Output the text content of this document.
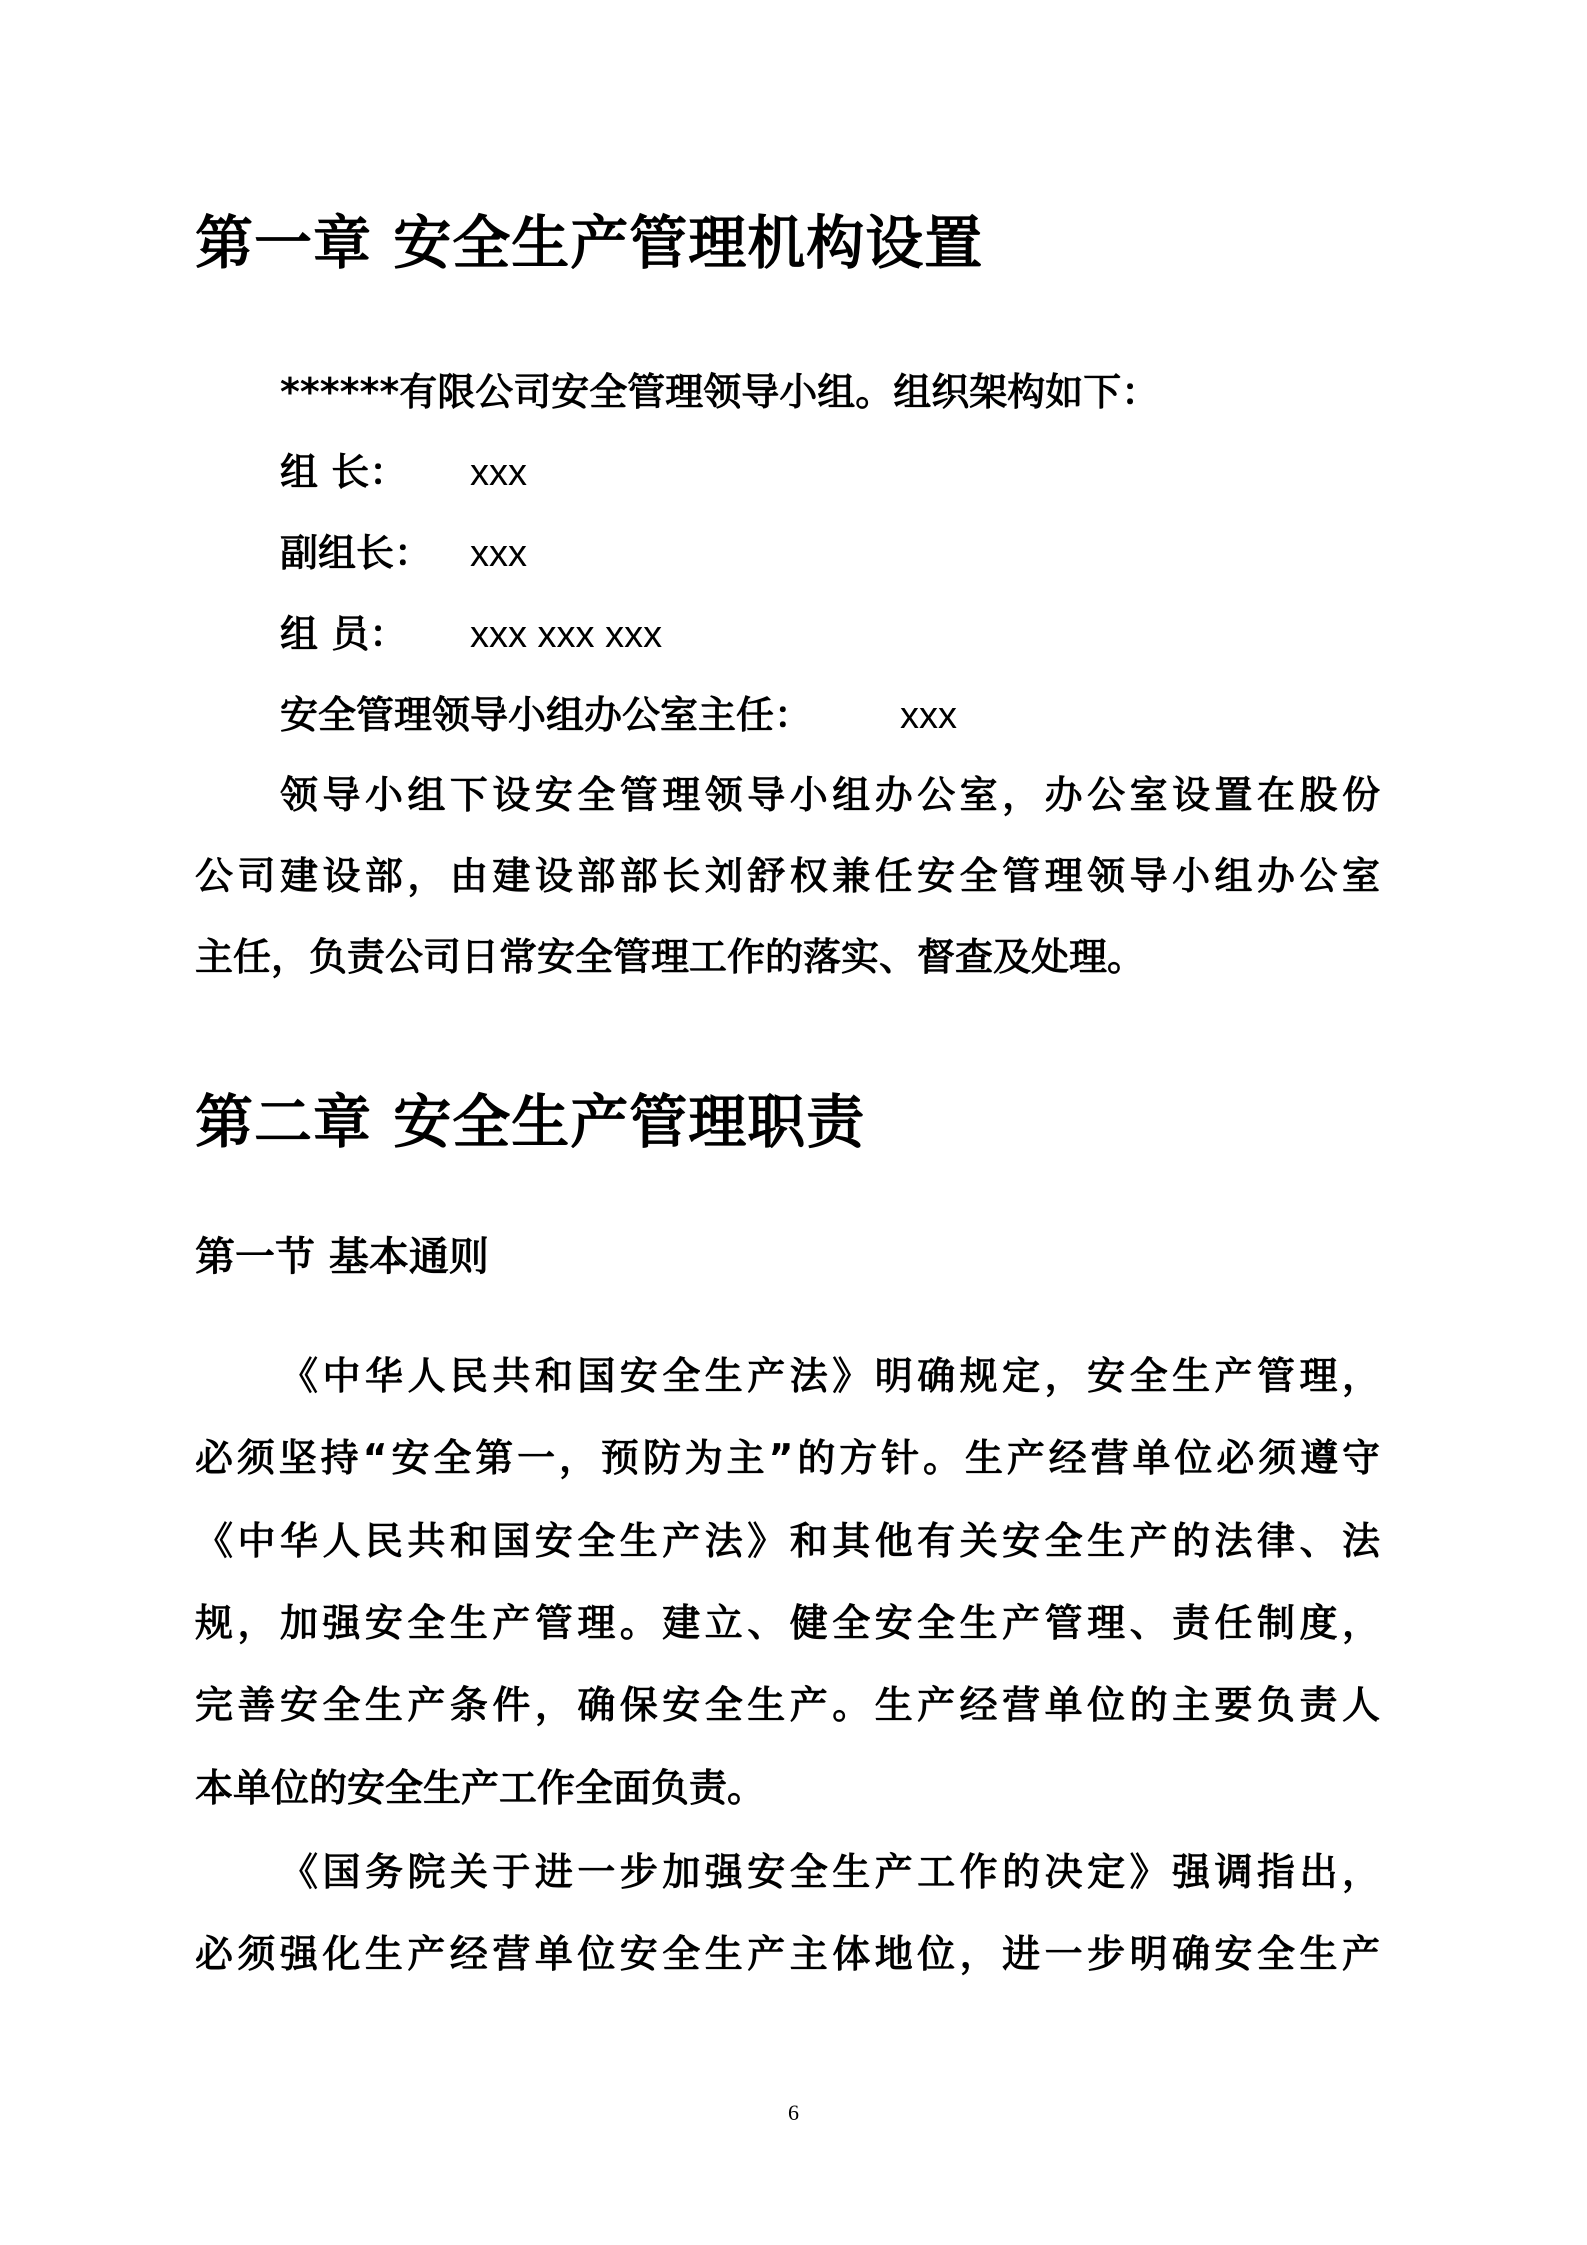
第一章 安全生产管理机构设置

******有限公司安全管理领导小组。组织架构如下：

组 长： xxx

副组长： xxx

组 员： xxx xxx xxx

安全管理领导小组办公室主任： xxx

领导小组下设安全管理领导小组办公室，办公室设置在股份

公司建设部，由建设部部长刘舒权兼任安全管理领导小组办公室

主任，负责公司日常安全管理工作的落实、督查及处理。

第二章 安全生产管理职责
第一节 基本通则

《中华人民共和国安全生产法》明确规定，安全生产管理，

必须坚持“安全第一，预防为主”的方针。生产经营单位必须遵守

《中华人民共和国安全生产法》和其他有关安全生产的法律、法

规，加强安全生产管理。建立、健全安全生产管理、责任制度，

完善安全生产条件，确保安全生产。生产经营单位的主要负责人

本单位的安全生产工作全面负责。

《国务院关于进一步加强安全生产工作的决定》强调指出，

必须强化生产经营单位安全生产主体地位，进一步明确安全生产

6
